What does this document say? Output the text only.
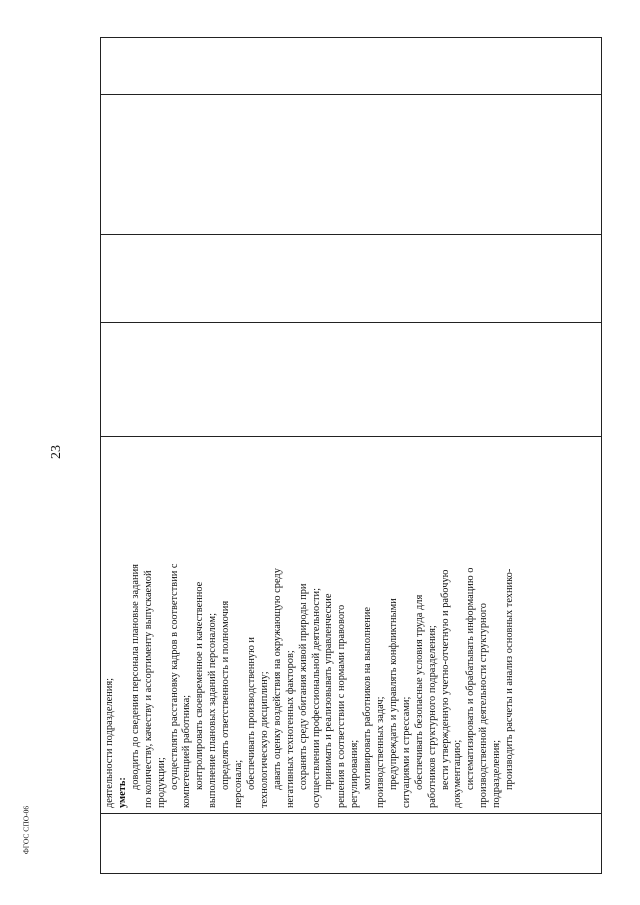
23
ФГОС СПО-06

деятельности подразделения; уметь:
доводить до сведения персонала плановые задания по количеству, качеству и ассортименту выпускаемой продукции; осуществлять расстановку кадров в соответствии с компетенцией работника; контролировать своевременное и качественное выполнение плановых заданий персоналом; определять ответственность и полномочия персонала; обеспечивать производственную и технологическую дисциплину; давать оценку воздействия на окружающую среду негативных техногенных факторов; сохранять среду обитания живой природы при осуществлении профессиональной деятельности; принимать и реализовывать управленческие решения в соответствии с нормами правового регулирования; мотивировать работников на выполнение производственных задач; предупреждать и управлять конфликтными ситуациями и стрессами; обеспечивать безопасные условия труда для работников структурного подразделения; вести утвержденную учетно-отчетную и рабочую документацию; систематизировать и обрабатывать информацию о производственной деятельности структурного подразделения; производить расчеты и анализ основных технико-
